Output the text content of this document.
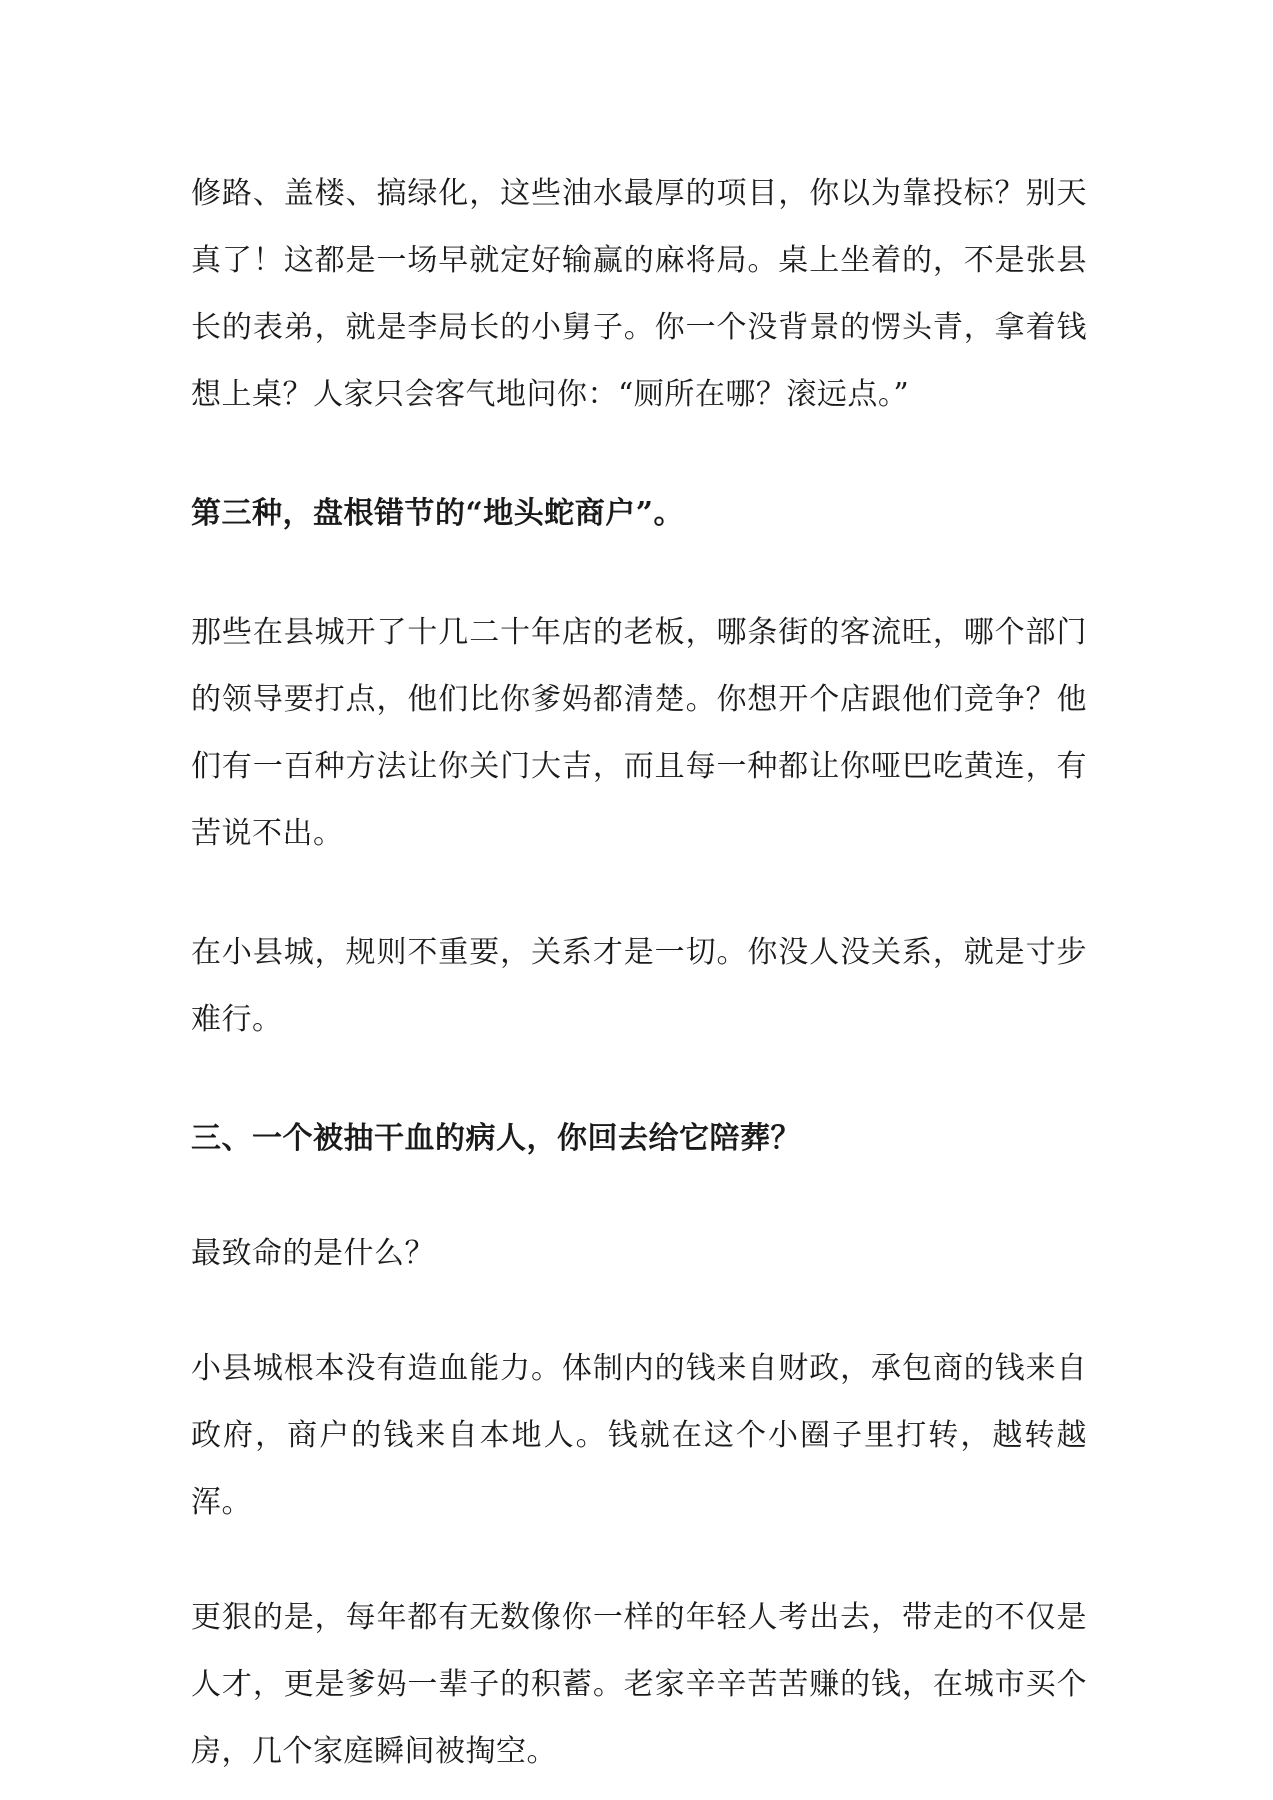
修路、盖楼、搞绿化，这些油水最厚的项目，你以为靠投标？别天真了！这都是一场早就定好输赢的麻将局。桌上坐着的，不是张县长的表弟，就是李局长的小舅子。你一个没背景的愣头青，拿着钱想上桌？人家只会客气地问你：“厕所在哪？滚远点。”

第三种，盘根错节的“地头蛇商户”。

那些在县城开了十几二十年店的老板，哪条街的客流旺，哪个部门的领导要打点，他们比你爹妈都清楚。你想开个店跟他们竞争？他们有一百种方法让你关门大吉，而且每一种都让你哑巴吃黄连，有苦说不出。

在小县城，规则不重要，关系才是一切。你没人没关系，就是寸步难行。

三、一个被抽干血的病人，你回去给它陪葬？

最致命的是什么？

小县城根本没有造血能力。体制内的钱来自财政，承包商的钱来自政府，商户的钱来自本地人。钱就在这个小圈子里打转，越转越浑。

更狠的是，每年都有无数像你一样的年轻人考出去，带走的不仅是人才，更是爹妈一辈子的积蓄。老家辛辛苦苦赚的钱，在城市买个房，几个家庭瞬间被掏空。
